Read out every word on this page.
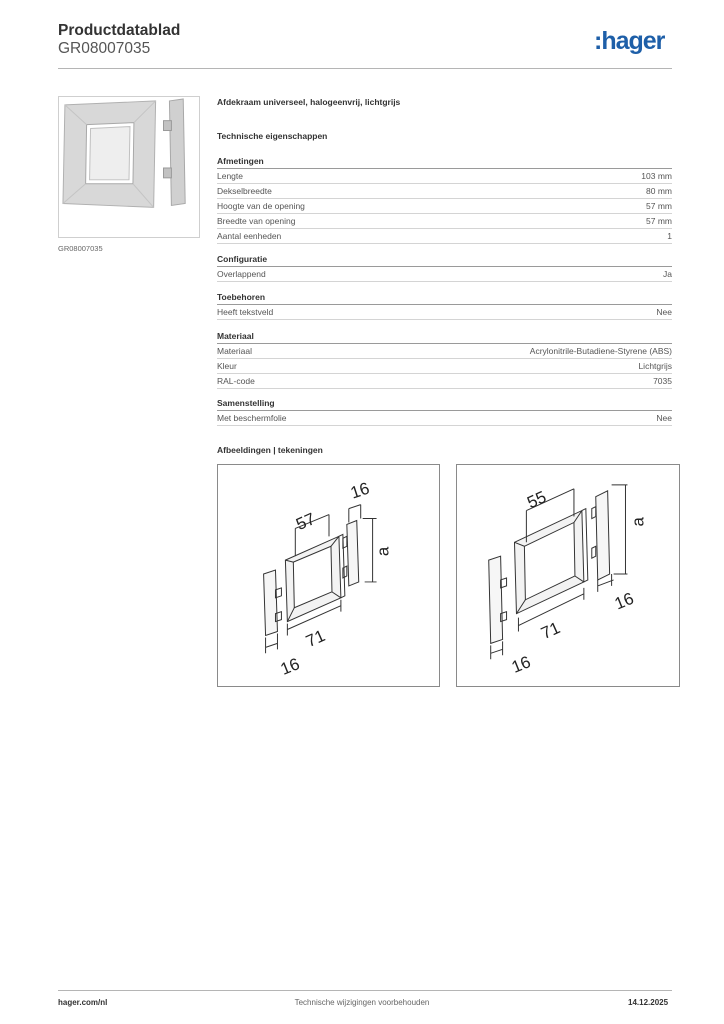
Productdatablad
GR08007035	:hager
GR08007035
Afdekraam universeel, halogeenvrij, lichtgrijs
Technische eigenschappen
Afmetingen
Lengte	103 mm
Dekselbreedte	80 mm
Hoogte van de opening	57 mm
Breedte van opening	57 mm
Aantal eenheden	1
Configuratie
Overlappend	Ja
Toebehoren
Heeft tekstveld	Nee
Materiaal
Materiaal	Acrylonitrile-Butadiene-Styrene (ABS)
Kleur	Lichtgrijs
RAL-code	7035
Samenstelling
Met beschermfolie	Nee
Afbeeldingen | tekeningen
57
16
a
71
16
55
a
16
71
16
hager.com/nl	Technische wijzigingen voorbehouden	14.12.2025
